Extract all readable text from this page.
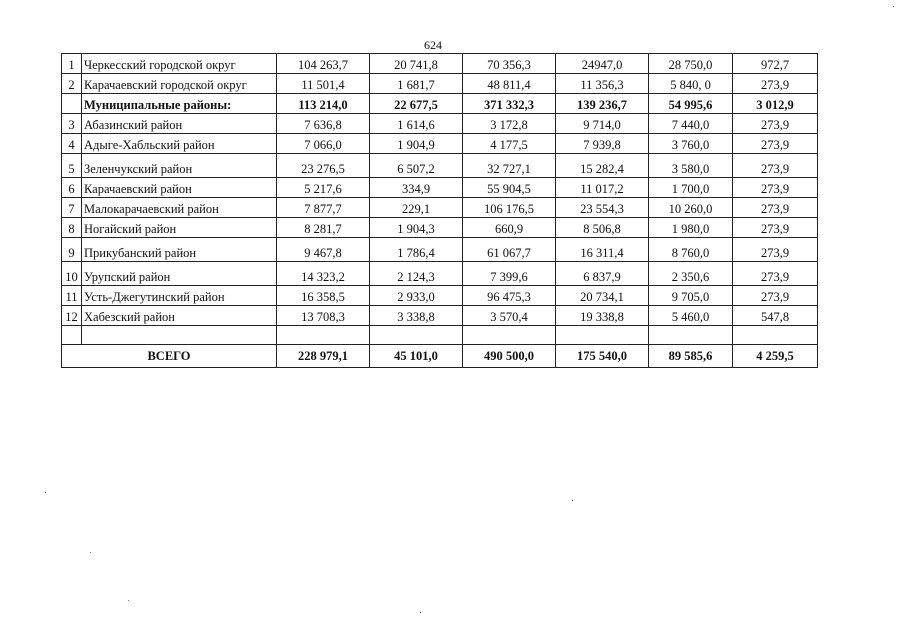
624
1	Черкесский городской округ	104 263,7	20 741,8	70 356,3	24947,0	28 750,0	972,7
2	Карачаевский городской округ	11 501,4	1 681,7	48 811,4	11 356,3	5 840, 0	273,9
	Муниципальные районы:	113 214,0	22 677,5	371 332,3	139 236,7	54 995,6	3 012,9
3	Абазинский район	7 636,8	1 614,6	3 172,8	9 714,0	7 440,0	273,9
4	Адыге-Хабльский район	7 066,0	1 904,9	4 177,5	7 939,8	3 760,0	273,9
5	Зеленчукский район	23 276,5	6 507,2	32 727,1	15 282,4	3 580,0	273,9
6	Карачаевский район	5 217,6	334,9	55 904,5	11 017,2	1 700,0	273,9
7	Малокарачаевский район	7 877,7	229,1	106 176,5	23 554,3	10 260,0	273,9
8	Ногайский район	8 281,7	1 904,3	660,9	8 506,8	1 980,0	273,9
9	Прикубанский район	9 467,8	1 786,4	61 067,7	16 311,4	8 760,0	273,9
10	Урупский район	14 323,2	2 124,3	7 399,6	6 837,9	2 350,6	273,9
11	Усть-Джегутинский район	16 358,5	2 933,0	96 475,3	20 734,1	9 705,0	273,9
12	Хабезский район	13 708,3	3 338,8	3 570,4	19 338,8	5 460,0	547,8

ВСЕГО		228 979,1	45 101,0	490 500,0	175 540,0	89 585,6	4 259,5
